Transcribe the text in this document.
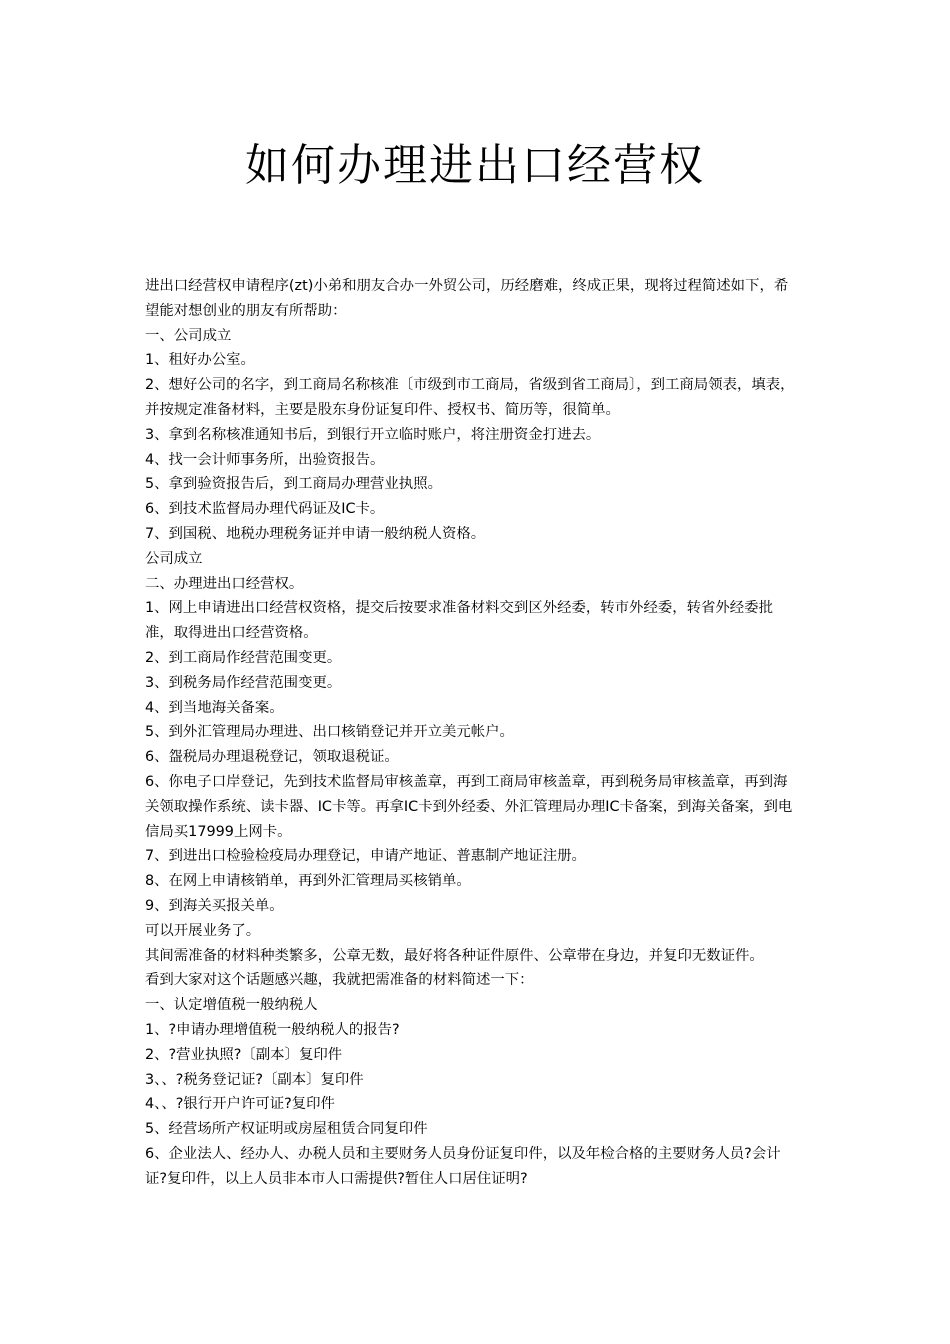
如何办理进出口经营权

进出口经营权申请程序(zt)小弟和朋友合办一外贸公司，历经磨难，终成正果，现将过程简述如下，希望能对想创业的朋友有所帮助：

一、公司成立

1、租好办公室。

2、想好公司的名字，到工商局名称核准〔市级到市工商局，省级到省工商局〕，到工商局领表，填表，并按规定准备材料，主要是股东身份证复印件、授权书、简历等，很简单。

3、拿到名称核准通知书后，到银行开立临时账户，将注册资金打进去。

4、找一会计师事务所，出验资报告。

5、拿到验资报告后，到工商局办理营业执照。

6、到技术监督局办理代码证及IC卡。

7、到国税、地税办理税务证并申请一般纳税人资格。

公司成立

二、办理进出口经营权。

1、网上申请进出口经营权资格，提交后按要求准备材料交到区外经委，转市外经委，转省外经委批准，取得进出口经营资格。

2、到工商局作经营范围变更。

3、到税务局作经营范围变更。

4、到当地海关备案。

5、到外汇管理局办理进、出口核销登记并开立美元帐户。

6、盌税局办理退税登记，领取退税证。

6、你电子口岸登记，先到技术监督局审核盖章，再到工商局审核盖章，再到税务局审核盖章，再到海关领取操作系统、读卡器、IC卡等。再拿IC卡到外经委、外汇管理局办理IC卡备案，到海关备案，到电信局买17999上网卡。

7、到进出口检验检疫局办理登记，申请产地证、普惠制产地证注册。

8、在网上申请核销单，再到外汇管理局买核销单。

9、到海关买报关单。

可以开展业务了。

其间需准备的材料种类繁多，公章无数，最好将各种证件原件、公章带在身边，并复印无数证件。

看到大家对这个话题感兴趣，我就把需准备的材料简述一下：

一、认定增值税一般纳税人

1、?申请办理增值税一般纳税人的报告?

2、?营业执照?〔副本〕复印件

3、、?税务登记证?〔副本〕复印件

4、、?银行开户许可证?复印件

5、经营场所产权证明或房屋租赁合同复印件

6、企业法人、经办人、办税人员和主要财务人员身份证复印件，以及年检合格的主要财务人员?会计证?复印件，以上人员非本市人口需提供?暂住人口居住证明?
